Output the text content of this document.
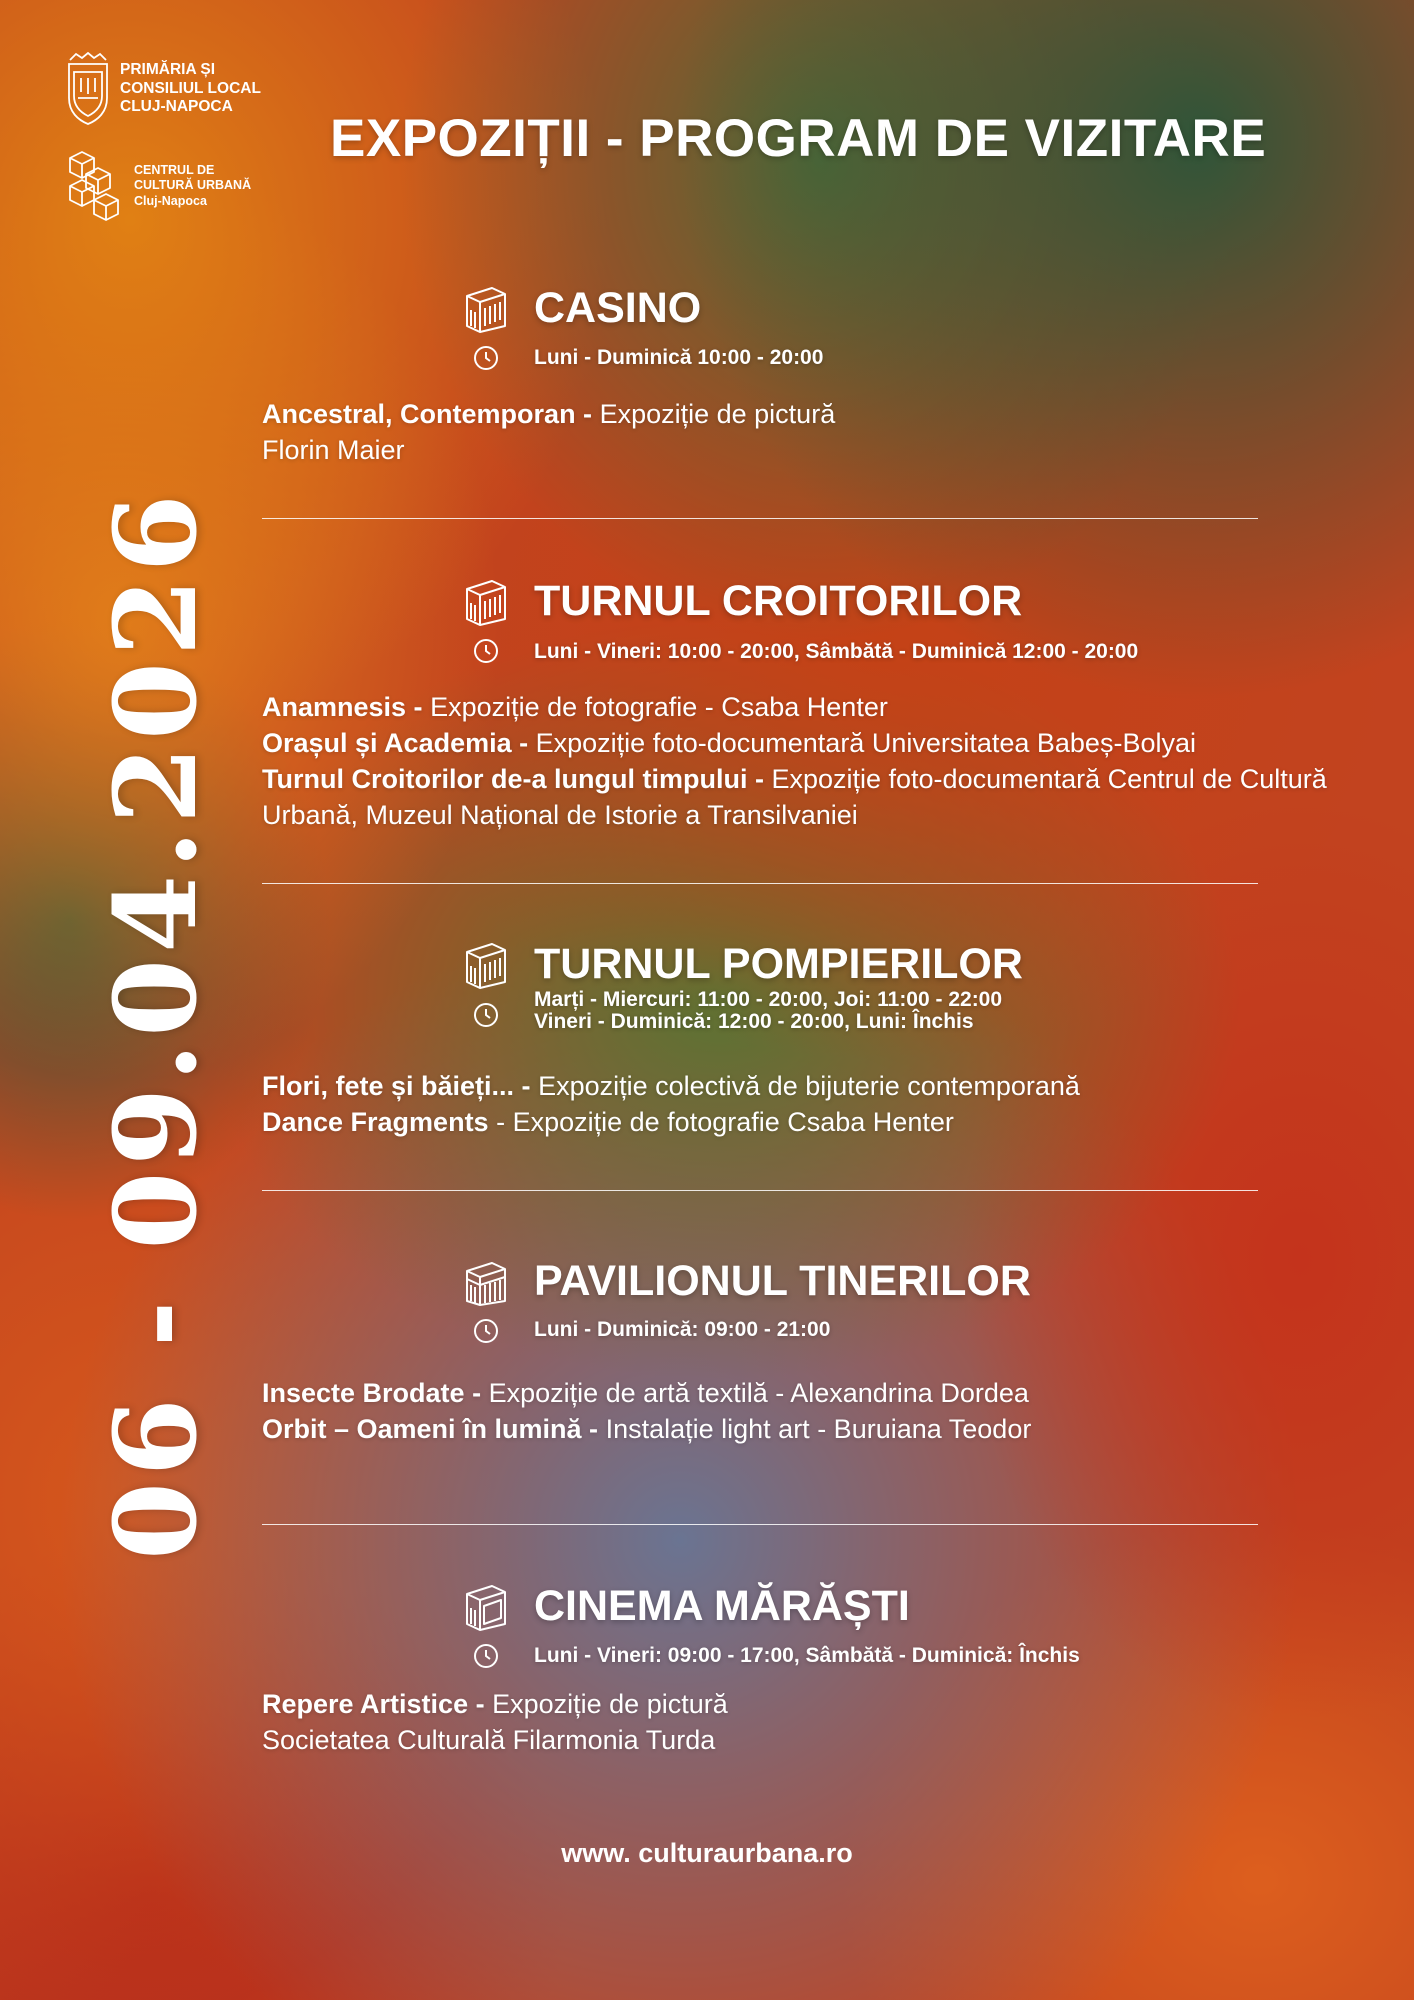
PRIMĂRIA ȘI
CONSILIUL LOCAL
CLUJ-NAPOCA
CENTRUL DE
CULTURĂ URBANĂ
Cluj-Napoca
EXPOZIȚII - PROGRAM DE VIZITARE
06 - 09.04.2026
CASINO
Luni - Duminică 10:00 - 20:00

Ancestral, Contemporan - Expoziție de pictură

Florin Maier

TURNUL CROITORILOR
Luni - Vineri: 10:00 - 20:00, Sâmbătă - Duminică 12:00 - 20:00

Anamnesis - Expoziție de fotografie - Csaba Henter

Orașul și Academia - Expoziție foto-documentară Universitatea Babeș-Bolyai

Turnul Croitorilor de-a lungul timpului - Expoziție foto-documentară Centrul de Cultură Urbană, Muzeul Național de Istorie a Transilvaniei

TURNUL POMPIERILOR
Marți - Miercuri: 11:00 - 20:00, Joi: 11:00 - 22:00
Vineri - Duminică: 12:00 - 20:00, Luni: Închis

Flori, fete și băieți... - Expoziție colectivă de bijuterie contemporană

Dance Fragments - Expoziție de fotografie Csaba Henter

PAVILIONUL TINERILOR
Luni - Duminică: 09:00 - 21:00

Insecte Brodate - Expoziție de artă textilă - Alexandrina Dordea

Orbit – Oameni în lumină - Instalație light art - Buruiana Teodor

CINEMA MĂRĂȘTI
Luni - Vineri: 09:00 - 17:00, Sâmbătă - Duminică: Închis

Repere Artistice - Expoziție de pictură

Societatea Culturală Filarmonia Turda

www. culturaurbana.ro
